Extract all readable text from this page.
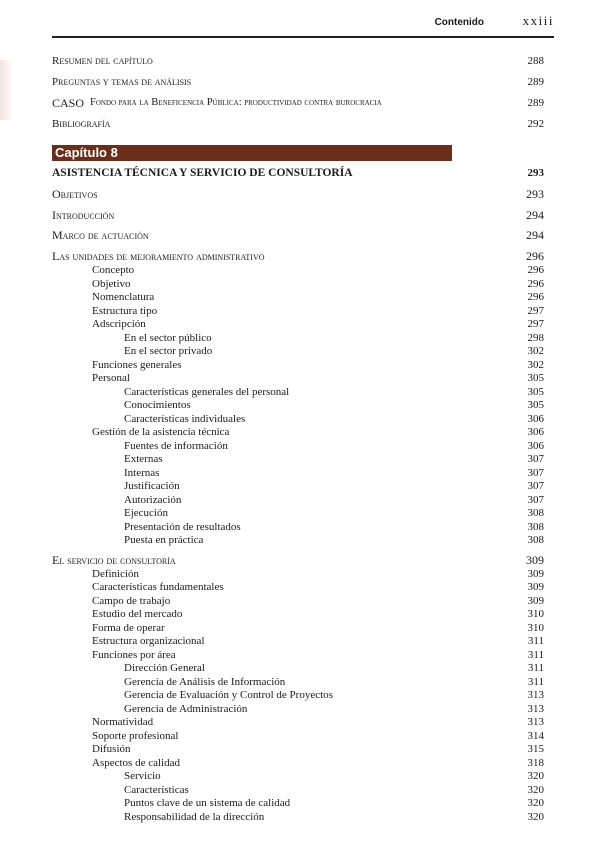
Contenido	xxiii
Resumen del capítulo	288
Preguntas y temas de análisis	289
CASO Fondo para la Beneficencia Pública: productividad contra burocracia	289
Bibliografía	292
Capítulo 8
ASISTENCIA TÉCNICA Y SERVICIO DE CONSULTORÍA	293
Objetivos	293
Introducción	294
Marco de actuación	294
Las unidades de mejoramiento administrativo	296
Concepto	296
Objetivo	296
Nomenclatura	296
Estructura tipo	297
Adscripción	297
En el sector público	298
En el sector privado	302
Funciones generales	302
Personal	305
Características generales del personal	305
Conocimientos	305
Características individuales	306
Gestión de la asistencia técnica	306
Fuentes de información	306
Externas	307
Internas	307
Justificación	307
Autorización	307
Ejecución	308
Presentación de resultados	308
Puesta en práctica	308
El servicio de consultoría	309
Definición	309
Características fundamentales	309
Campo de trabajo	309
Estudio del mercado	310
Forma de operar	310
Estructura organizacional	311
Funciones por área	311
Dirección General	311
Gerencia de Análisis de Información	311
Gerencia de Evaluación y Control de Proyectos	313
Gerencia de Administración	313
Normatividad	313
Soporte profesional	314
Difusión	315
Aspectos de calidad	318
Servicio	320
Características	320
Puntos clave de un sistema de calidad	320
Responsabilidad de la dirección	320
